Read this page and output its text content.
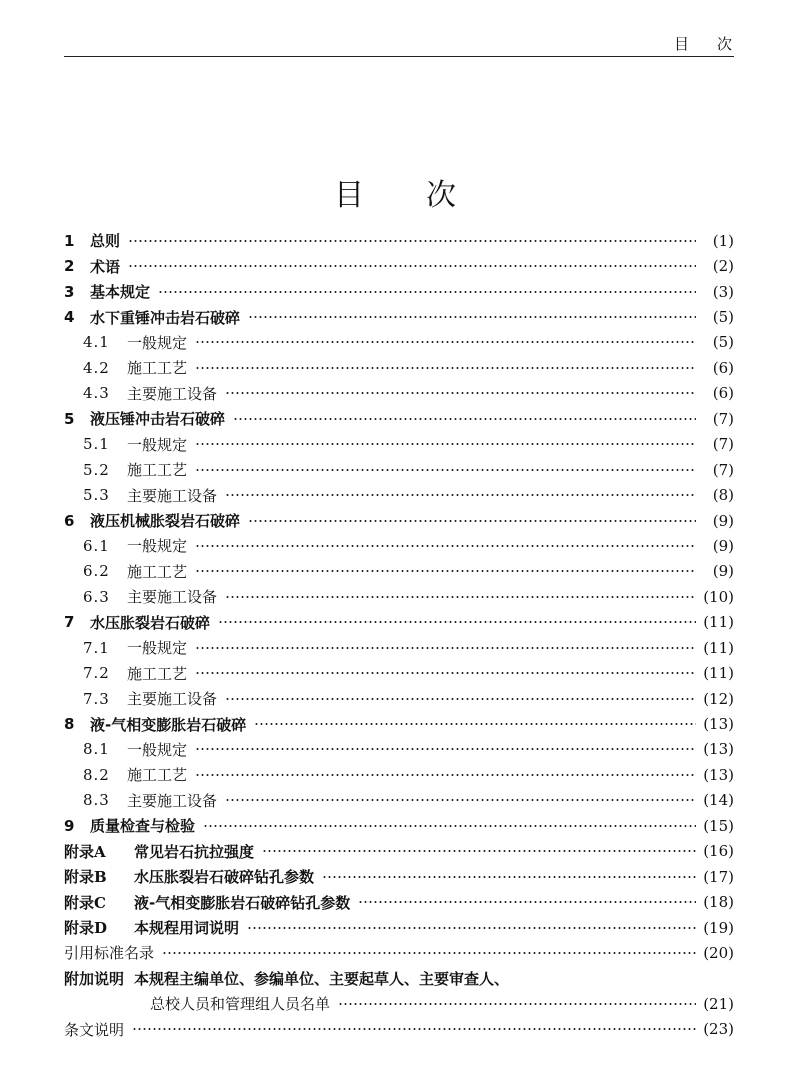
目 次
目 次
1	总则	(1)
2	术语	(2)
3	基本规定	(3)
4	水下重锤冲击岩石破碎	(5)
4.1	一般规定	(5)
4.2	施工工艺	(6)
4.3	主要施工设备	(6)
5	液压锤冲击岩石破碎	(7)
5.1	一般规定	(7)
5.2	施工工艺	(7)
5.3	主要施工设备	(8)
6	液压机械胀裂岩石破碎	(9)
6.1	一般规定	(9)
6.2	施工工艺	(9)
6.3	主要施工设备	(10)
7	水压胀裂岩石破碎	(11)
7.1	一般规定	(11)
7.2	施工工艺	(11)
7.3	主要施工设备	(12)
8	液-气相变膨胀岩石破碎	(13)
8.1	一般规定	(13)
8.2	施工工艺	(13)
8.3	主要施工设备	(14)
9	质量检查与检验	(15)
附录A	常见岩石抗拉强度	(16)
附录B	水压胀裂岩石破碎钻孔参数	(17)
附录C	液-气相变膨胀岩石破碎钻孔参数	(18)
附录D	本规程用词说明	(19)
引用标准名录	(20)
附加说明 本规程主编单位、参编单位、主要起草人、主要审查人、
总校人员和管理组人员名单	(21)
条文说明	(23)
